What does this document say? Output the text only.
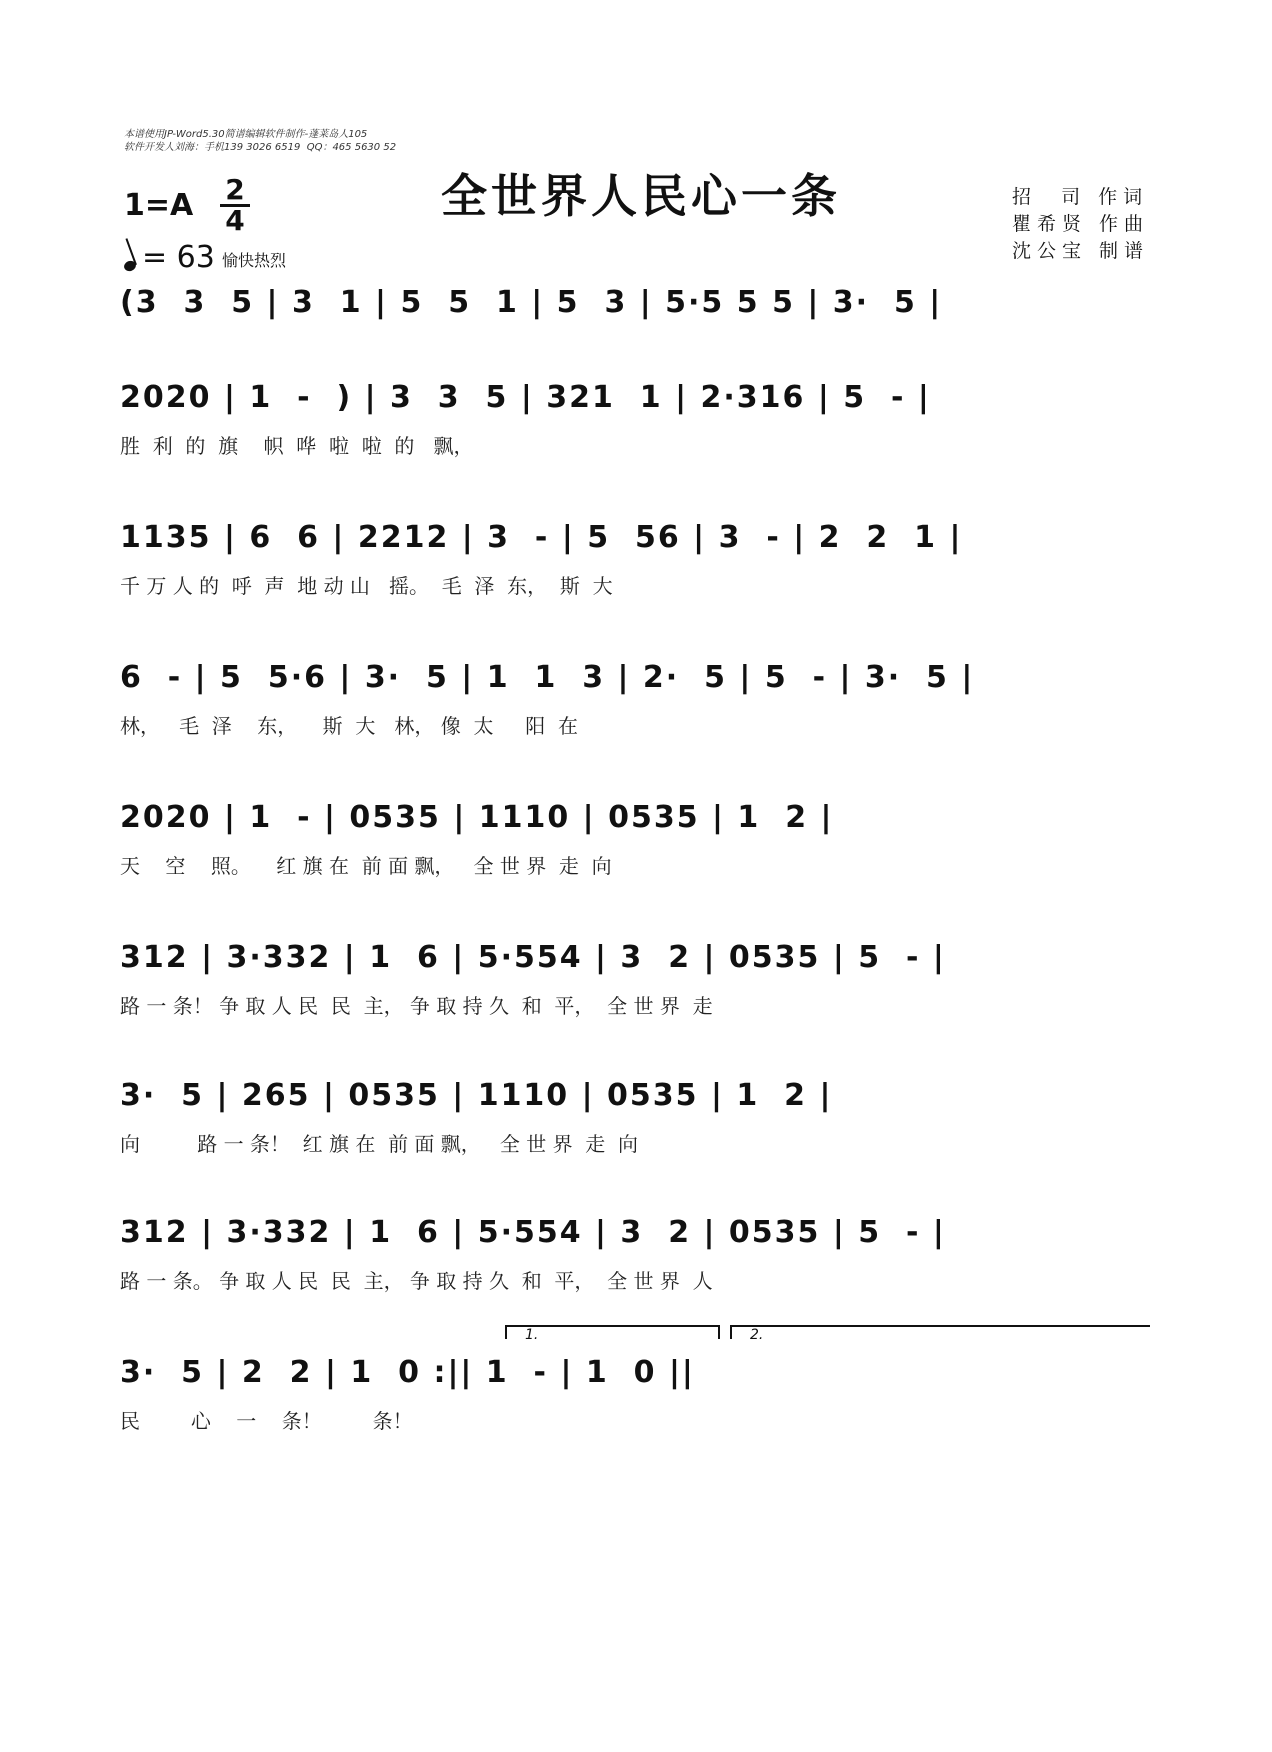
本谱使用JP-Word5.30简谱编辑软件制作-蓬莱岛人105
软件开发人刘海：手机139 3026 6519  QQ：465 5630 52
1=A 2
4
= 63 愉快热烈
全世界人民心一条	招  司 作词
瞿希贤 作曲
沈公宝 制谱
(3  3  5 | 3  1 | 5  5  1 | 5  3 | 5·5 5 5 | 3·  5 |
2020 | 1  -  ) | 3  3  5 | 321  1 | 2·316 | 5  - |
胜  利  的  旗    帜  哗  啦  啦  的   飘，
1135 | 6  6 | 2212 | 3  - | 5  56 | 3  - | 2  2  1 |
千 万 人 的  呼  声  地 动 山   摇。  毛  泽  东，  斯  大
6  - | 5  5·6 | 3·  5 | 1  1  3 | 2·  5 | 5  - | 3·  5 |
林，   毛  泽    东，    斯  大   林， 像  太     阳  在
2020 | 1  - | 0535 | 1110 | 0535 | 1  2 |
天    空    照。    红 旗 在  前 面 飘，   全 世 界  走  向
312 | 3·332 | 1  6 | 5·554 | 3  2 | 0535 | 5  - |
路 一 条！ 争 取 人 民  民  主， 争 取 持 久  和  平，  全 世 界  走
3·  5 | 265 | 0535 | 1110 | 0535 | 1  2 |
向         路 一 条！  红 旗 在  前 面 飘，   全 世 界  走  向
312 | 3·332 | 1  6 | 5·554 | 3  2 | 0535 | 5  - |
路 一 条。 争 取 人 民  民  主， 争 取 持 久  和  平，  全 世 界  人
3·  5 | 2  2 | 1  0 :|| 1  - | 1  0 ||
民        心    一    条！        条！
1.	2.
